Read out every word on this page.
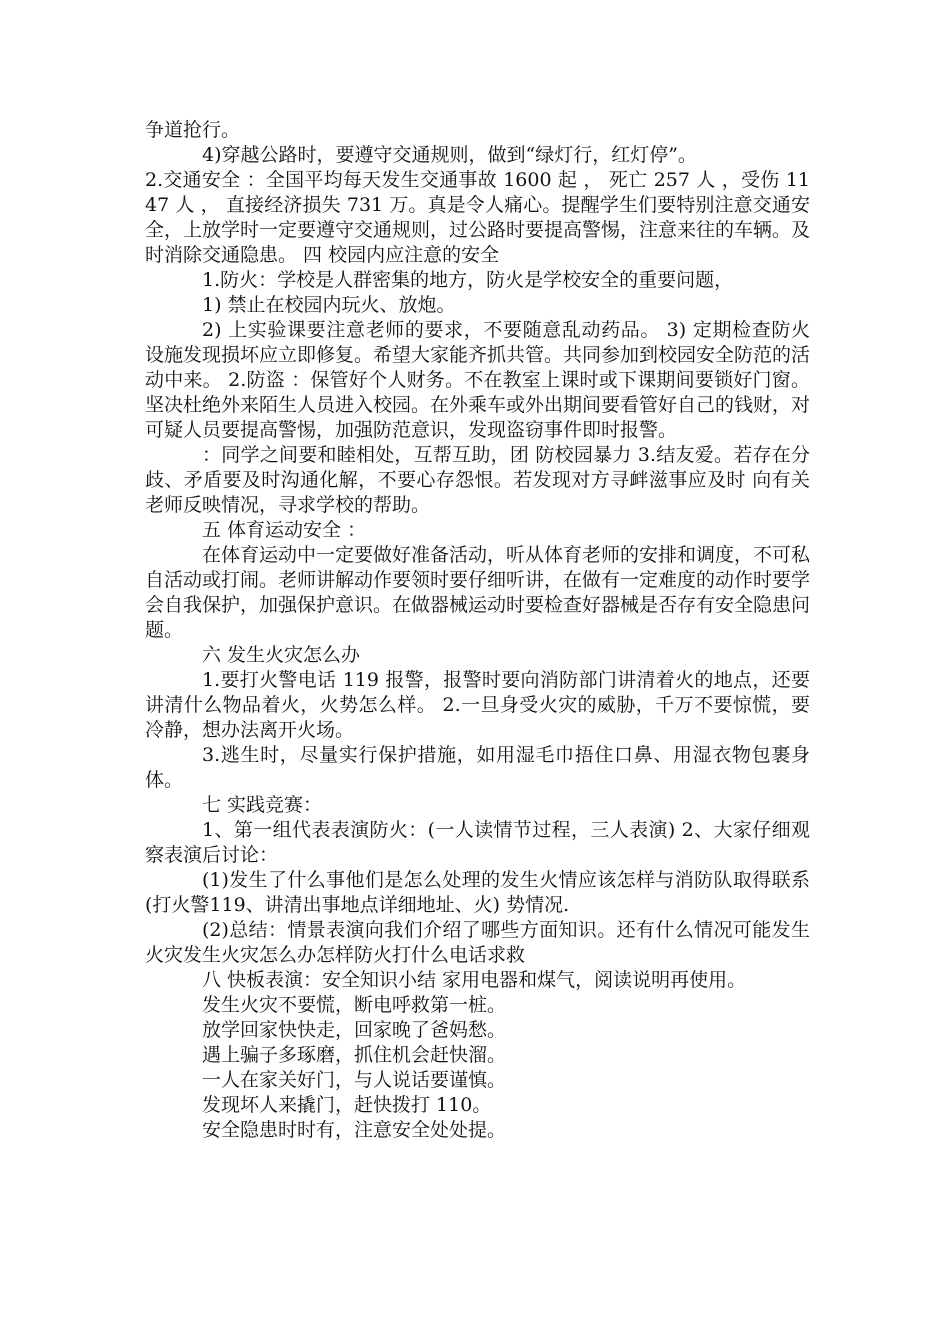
争道抢行。

4)穿越公路时，要遵守交通规则，做到“绿灯行，红灯停”。

2.交通安全 ：全国平均每天发生交通事故 1600 起 ， 死亡 257 人 ，受伤 1147 人 ， 直接经济损失 731 万。真是令人痛心。提醒学生们要特别注意交通安全，上放学时一定要遵守交通规则，过公路时要提高警惕，注意来往的车辆。及时消除交通隐患。 四 校园内应注意的安全

1.防火：学校是人群密集的地方，防火是学校安全的重要问题，

1) 禁止在校园内玩火、放炮。

2) 上实验课要注意老师的要求，不要随意乱动药品。 3) 定期检查防火设施发现损坏应立即修复。希望大家能齐抓共管。共同参加到校园安全防范的活动中来。 2.防盗 ：保管好个人财务。不在教室上课时或下课期间要锁好门窗。坚决杜绝外来陌生人员进入校园。在外乘车或外出期间要看管好自己的钱财，对可疑人员要提高警惕，加强防范意识，发现盗窃事件即时报警。

：同学之间要和睦相处，互帮互助，团 防校园暴力 3.结友爱。若存在分歧、矛盾要及时沟通化解，不要心存怨恨。若发现对方寻衅滋事应及时 向有关 老师反映情况，寻求学校的帮助。

五 体育运动安全 ：

在体育运动中一定要做好准备活动，听从体育老师的安排和调度，不可私自活动或打闹。老师讲解动作要领时要仔细听讲，在做有一定难度的动作时要学会自我保护，加强保护意识。在做器械运动时要检查好器械是否存有安全隐患问题。

六 发生火灾怎么办

1.要打火警电话 119 报警，报警时要向消防部门讲清着火的地点，还要讲清什么物品着火，火势怎么样。 2.一旦身受火灾的威胁，千万不要惊慌，要冷静，想办法离开火场。

3.逃生时，尽量实行保护措施，如用湿毛巾捂住口鼻、用湿衣物包裹身体。

七 实践竞赛：

1、第一组代表表演防火：(一人读情节过程，三人表演) 2、大家仔细观察表演后讨论：

(1)发生了什么事他们是怎么处理的发生火情应该怎样与消防队取得联系(打火警119、讲清出事地点详细地址、火) 势情况.

(2)总结：情景表演向我们介绍了哪些方面知识。还有什么情况可能发生火灾发生火灾怎么办怎样防火打什么电话求救

八 快板表演：安全知识小结 家用电器和煤气，阅读说明再使用。

发生火灾不要慌，断电呼救第一桩。

放学回家快快走，回家晚了爸妈愁。

遇上骗子多琢磨，抓住机会赶快溜。

一人在家关好门，与人说话要谨慎。

发现坏人来撬门，赶快拨打 110。

安全隐患时时有，注意安全处处提。
